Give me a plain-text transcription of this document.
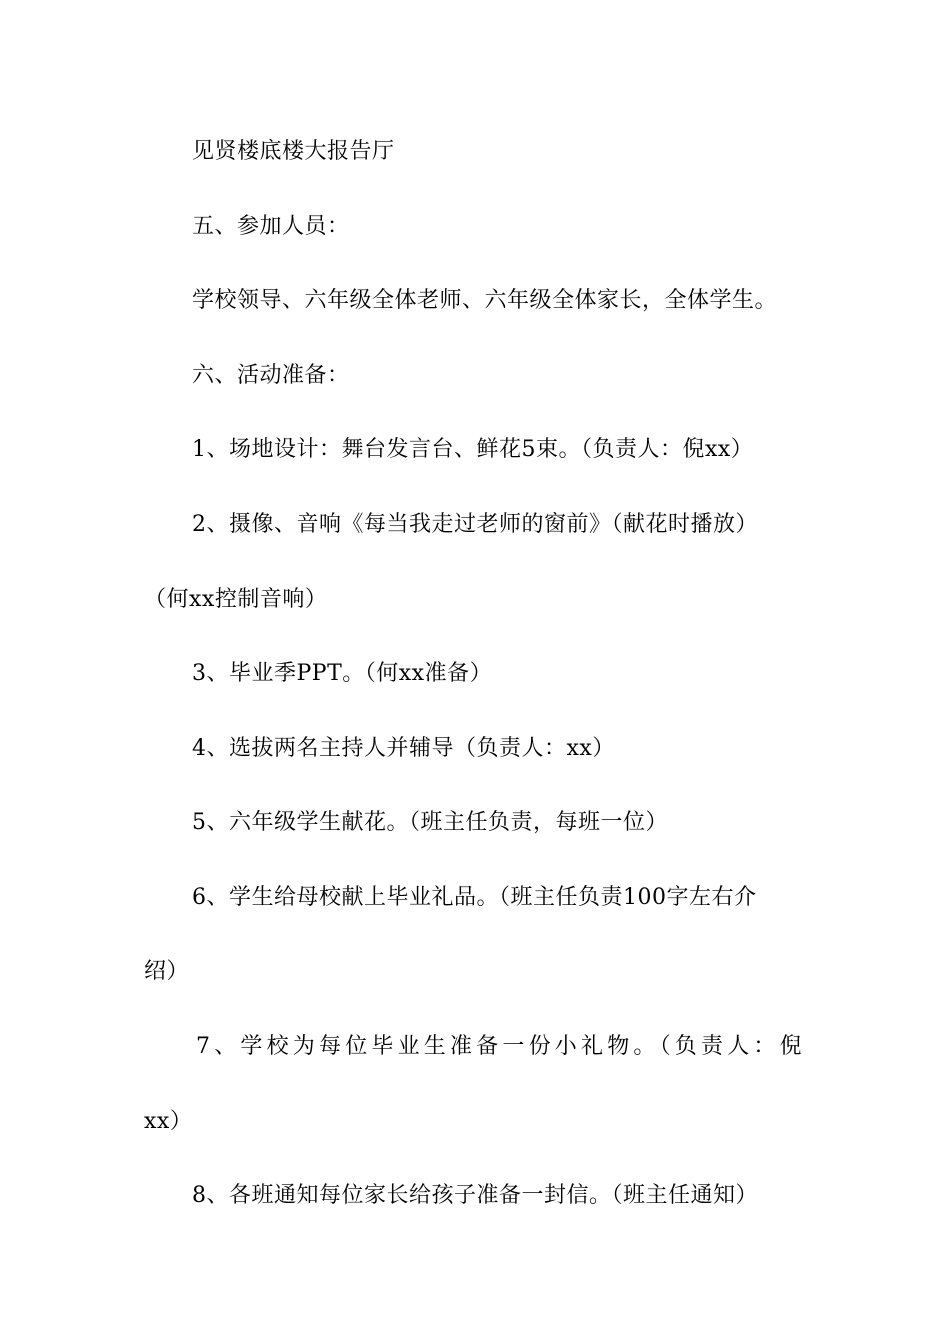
见贤楼底楼大报告厅
五、参加人员：
学校领导、六年级全体老师、六年级全体家长，全体学生。
六、活动准备：
1、场地设计：舞台发言台、鲜花5束。（负责人：倪xx）
2、摄像、音响《每当我走过老师的窗前》（献花时播放）
（何xx控制音响）
3、毕业季PPT。（何xx准备）
4、选拔两名主持人并辅导（负责人：xx）
5、六年级学生献花。（班主任负责，每班一位）
6、学生给母校献上毕业礼品。（班主任负责100字左右介
绍）
7、学校为每位毕业生准备一份小礼物。（负责人：倪
xx）
8、各班通知每位家长给孩子准备一封信。（班主任通知）
